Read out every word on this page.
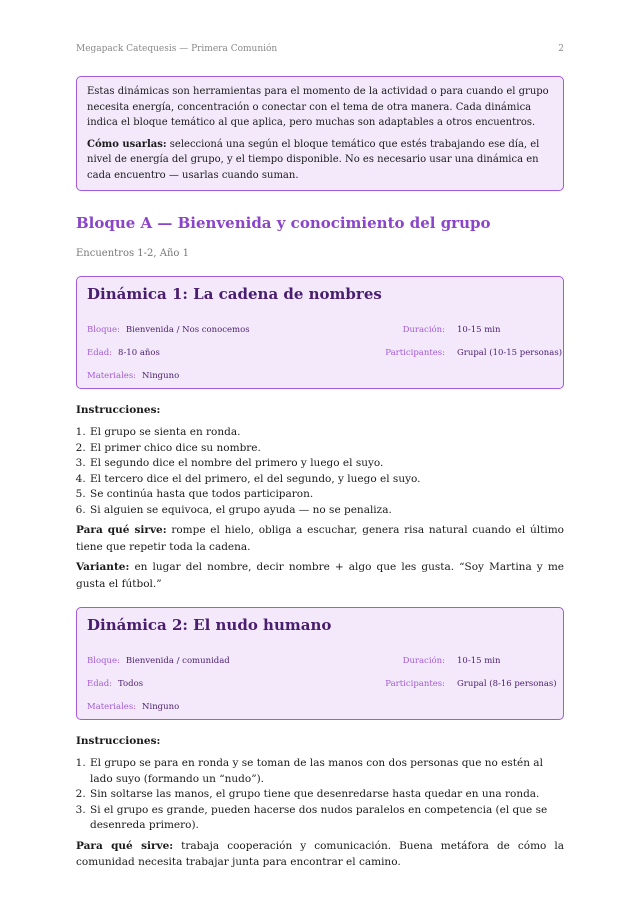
Megapack Catequesis — Primera Comunión	2

Estas dinámicas son herramientas para el momento de la actividad o para cuando el grupo necesita energía, concentración o conectar con el tema de otra manera. Cada dinámica indica el bloque temático al que aplica, pero muchas son adaptables a otros encuentros.

Cómo usarlas: seleccioná una según el bloque temático que estés trabajando ese día, el nivel de energía del grupo, y el tiempo disponible. No es necesario usar una dinámica en cada encuentro — usarlas cuando suman.

Bloque A — Bienvenida y conocimiento del grupo
Encuentros 1-2, Año 1
Dinámica 1: La cadena de nombres
Bloque: Bienvenida / Nos conocemos	Duración: 10-15 min
Edad: 8-10 años	Participantes: Grupal (10-15 personas)
Materiales: Ninguno
Instrucciones:
1. El grupo se sienta en ronda.
2. El primer chico dice su nombre.
3. El segundo dice el nombre del primero y luego el suyo.
4. El tercero dice el del primero, el del segundo, y luego el suyo.
5. Se continúa hasta que todos participaron.
6. Si alguien se equivoca, el grupo ayuda — no se penaliza.
Para qué sirve: rompe el hielo, obliga a escuchar, genera risa natural cuando el último tiene que repetir toda la cadena.
Variante: en lugar del nombre, decir nombre + algo que les gusta. “Soy Martina y me gusta el fútbol.”
Dinámica 2: El nudo humano
Bloque: Bienvenida / comunidad	Duración: 10-15 min
Edad: Todos	Participantes: Grupal (8-16 personas)
Materiales: Ninguno
Instrucciones:
1. El grupo se para en ronda y se toman de las manos con dos personas que no estén al lado suyo (formando un “nudo”).
2. Sin soltarse las manos, el grupo tiene que desenredarse hasta quedar en una ronda.
3. Si el grupo es grande, pueden hacerse dos nudos paralelos en competencia (el que se desenreda primero).
Para qué sirve: trabaja cooperación y comunicación. Buena metáfora de cómo la comunidad necesita trabajar junta para encontrar el camino.
